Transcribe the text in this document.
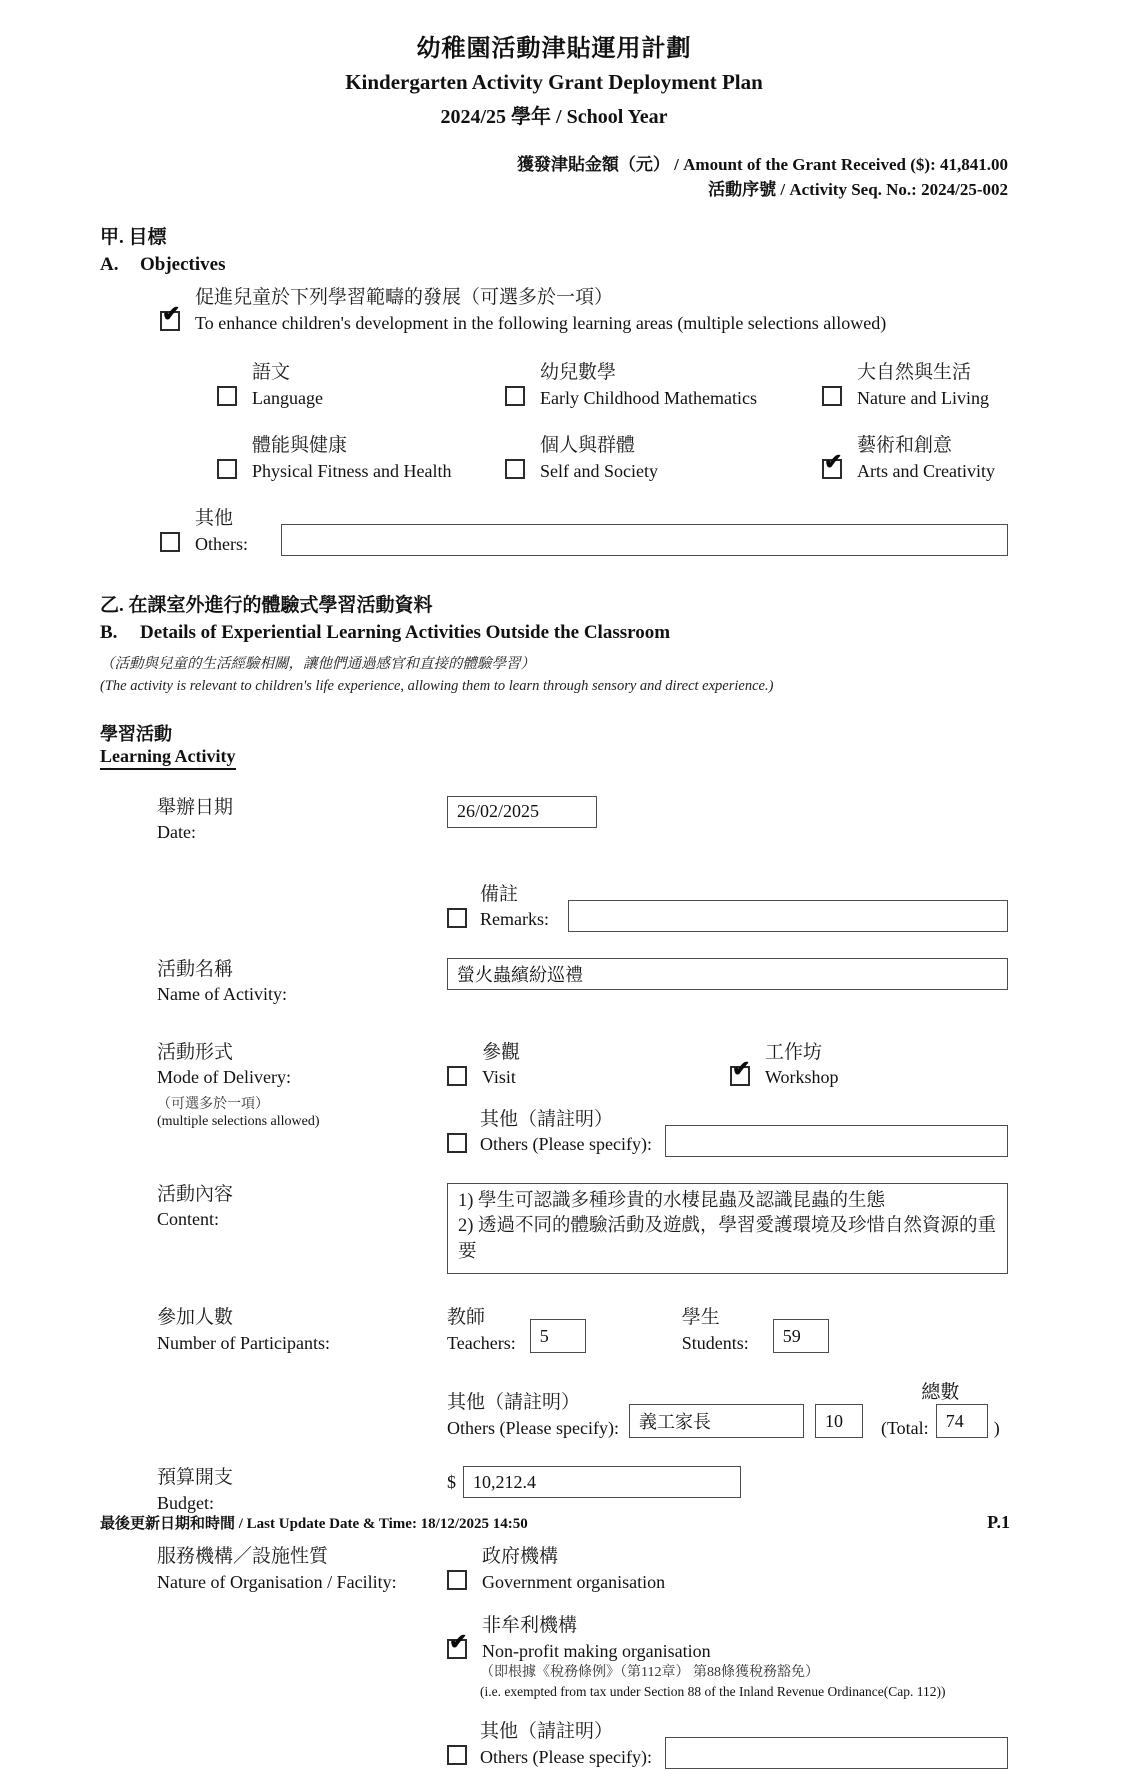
幼稚園活動津貼運用計劃
Kindergarten Activity Grant Deployment Plan
2024/25 學年 / School Year
獲發津貼金額（元） / Amount of the Grant Received ($): 41,841.00
活動序號 / Activity Seq. No.: 2024/25-002
甲. 目標
A.	Objectives
✔
促進兒童於下列學習範疇的發展（可選多於一項）
To enhance children's development in the following learning areas (multiple selections allowed)
語文
Language
幼兒數學
Early Childhood Mathematics
大自然與生活
Nature and Living
體能與健康
Physical Fitness and Health
個人與群體
Self and Society
✔
藝術和創意
Arts and Creativity
其他
Others:
乙. 在課室外進行的體驗式學習活動資料
B.	Details of Experiential Learning Activities Outside the Classroom
（活動與兒童的生活經驗相關，讓他們通過感官和直接的體驗學習）
(The activity is relevant to children's life experience, allowing them to learn through sensory and direct experience.)
學習活動
Learning Activity
舉辦日期
Date:
26/02/2025
備註
Remarks:
活動名稱
Name of Activity:
螢火蟲繽紛巡禮
活動形式
Mode of Delivery:
（可選多於一項）
(multiple selections allowed)
參觀
Visit
✔
工作坊
Workshop
其他（請註明）
Others (Please specify):
活動內容
Content:
1) 學生可認識多種珍貴的水棲昆蟲及認識昆蟲的生態
2) 透過不同的體驗活動及遊戲，學習愛護環境及珍惜自然資源的重要
參加人數
Number of Participants:
教師
Teachers:	5
學生
Students:	59
其他（請註明）
Others (Please specify):	義工家長	10
總數
(Total: 74	)
預算開支
Budget:
$ 10,212.4
服務機構／設施性質
Nature of Organisation / Facility:
政府機構
Government organisation
✔
非牟利機構
Non-profit making organisation
（即根據《稅務條例》（第112章） 第88條獲稅務豁免）
(i.e. exempted from tax under Section 88 of the Inland Revenue Ordinance(Cap. 112))
其他（請註明）
Others (Please specify):
最後更新日期和時間 / Last Update Date & Time: 18/12/2025 14:50	P.1
